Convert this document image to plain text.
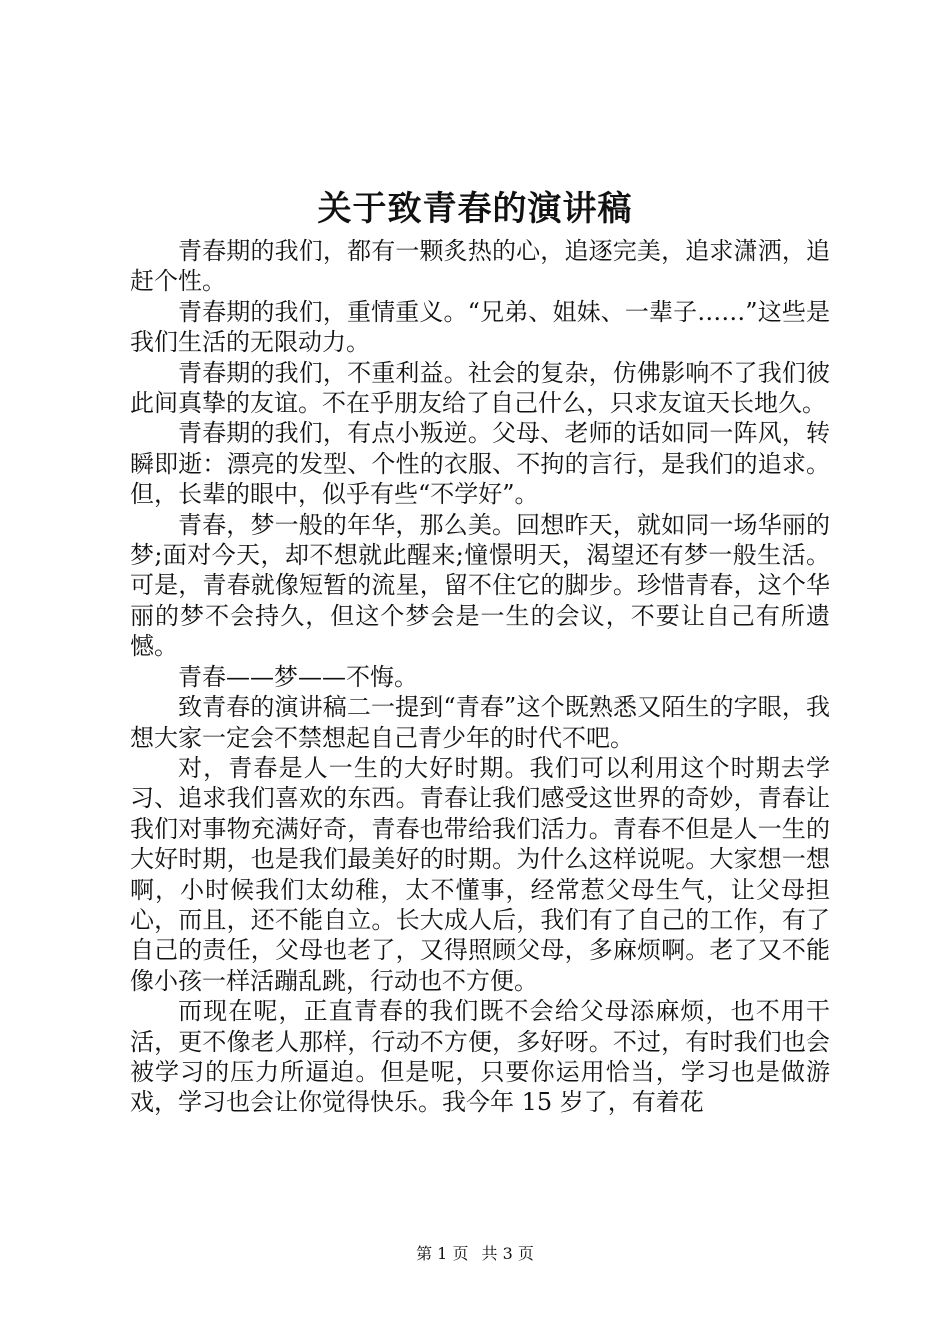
关于致青春的演讲稿

青春期的我们，都有一颗炙热的心，追逐完美，追求潇洒，追赶个性。

青春期的我们，重情重义。“兄弟、姐妹、一辈子……”这些是我们生活的无限动力。

青春期的我们，不重利益。社会的复杂，仿佛影响不了我们彼此间真挚的友谊。不在乎朋友给了自己什么，只求友谊天长地久。

青春期的我们，有点小叛逆。父母、老师的话如同一阵风，转瞬即逝：漂亮的发型、个性的衣服、不拘的言行，是我们的追求。但，长辈的眼中，似乎有些“不学好”。

青春，梦一般的年华，那么美。回想昨天，就如同一场华丽的梦;面对今天，却不想就此醒来;憧憬明天，渴望还有梦一般生活。可是，青春就像短暂的流星，留不住它的脚步。珍惜青春，这个华丽的梦不会持久，但这个梦会是一生的会议，不要让自己有所遗憾。

青春——梦——不悔。

致青春的演讲稿二一提到“青春”这个既熟悉又陌生的字眼，我想大家一定会不禁想起自己青少年的时代不吧。

对，青春是人一生的大好时期。我们可以利用这个时期去学习、追求我们喜欢的东西。青春让我们感受这世界的奇妙，青春让我们对事物充满好奇，青春也带给我们活力。青春不但是人一生的大好时期，也是我们最美好的时期。为什么这样说呢。大家想一想啊，小时候我们太幼稚，太不懂事，经常惹父母生气，让父母担心，而且，还不能自立。长大成人后，我们有了自己的工作，有了自己的责任，父母也老了，又得照顾父母，多麻烦啊。老了又不能像小孩一样活蹦乱跳，行动也不方便。

而现在呢，正直青春的我们既不会给父母添麻烦，也不用干活，更不像老人那样，行动不方便，多好呀。不过，有时我们也会被学习的压力所逼迫。但是呢，只要你运用恰当，学习也是做游戏，学习也会让你觉得快乐。我今年 15 岁了，有着花

第 1 页 共 3 页
